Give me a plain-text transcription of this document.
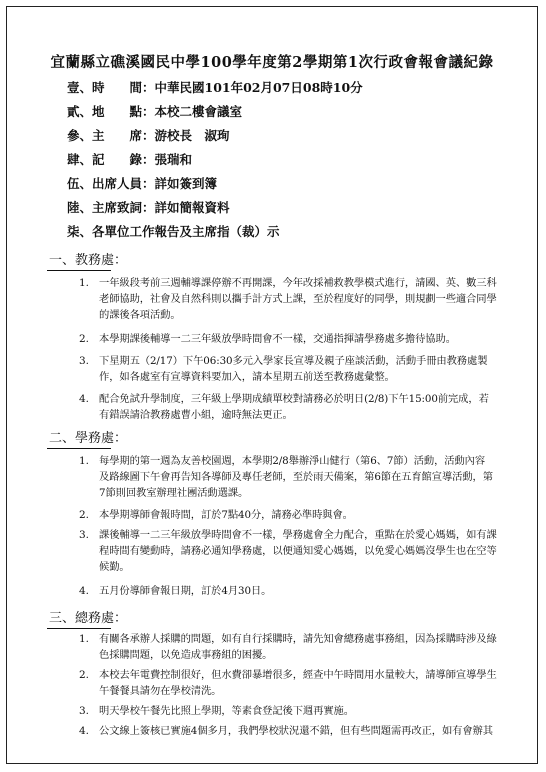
宜蘭縣立礁溪國民中學100學年度第2學期第1次行政會報會議紀錄
壹、時　　間：中華民國101年02月07日08時10分
貳、地　　點：本校二樓會議室
參、主　　席：游校長　淑珣
肆、記　　錄：張瑞和
伍、出席人員：詳如簽到簿
陸、主席致詞：詳如簡報資料
柒、各單位工作報告及主席指（裁）示
一、教務處：
1. 一年級段考前三週輔導課停辦不再開課，今年改採補救教學模式進行，請國、英、數三科
老師協助，社會及自然科則以攜手計方式上課，至於程度好的同學，則規劃一些適合同學
的課後各項活動。
2. 本學期課後輔導一二三年級放學時間會不一樣，交通指揮請學務處多擔待協助。
3. 下星期五（2/17）下午06:30多元入學家長宣導及親子座談活動，活動手冊由教務處製
作，如各處室有宣導資料要加入，請本星期五前送至教務處彙整。
4. 配合免試升學制度，三年級上學期成績單校對請務必於明日(2/8)下午15:00前完成，若
有錯誤請洽教務處曹小組，逾時無法更正。
二、學務處：
1. 每學期的第一週為友善校園週，本學期2/8舉辦淨山健行（第6、7節）活動，活動內容
及路線圖下午會再告知各導師及專任老師，至於雨天備案，第6節在五育館宣導活動，第
7節則回教室辦理社團活動選課。
2. 本學期導師會報時間，訂於7點40分，請務必準時與會。
3. 課後輔導一二三年級放學時間會不一樣，學務處會全力配合，重點在於愛心媽媽，如有課
程時間有變動時，請務必通知學務處，以便通知愛心媽媽，以免愛心媽媽沒學生也在空等
候勤。
4. 五月份導師會報日期，訂於4月30日。
三、總務處：
1. 有關各承辦人採購的問題，如有自行採購時，請先知會總務處事務組，因為採購時涉及綠
色採購問題，以免造成事務組的困擾。
2. 本校去年電費控制很好，但水費卻暴增很多，經查中午時間用水量較大，請導師宣導學生
午餐餐具請勿在學校清洗。
3. 明天學校午餐先比照上學期，等素食登記後下週再實施。
4. 公文線上簽核已實施4個多月，我們學校狀況還不錯，但有些問題需再改正，如有會辦其
